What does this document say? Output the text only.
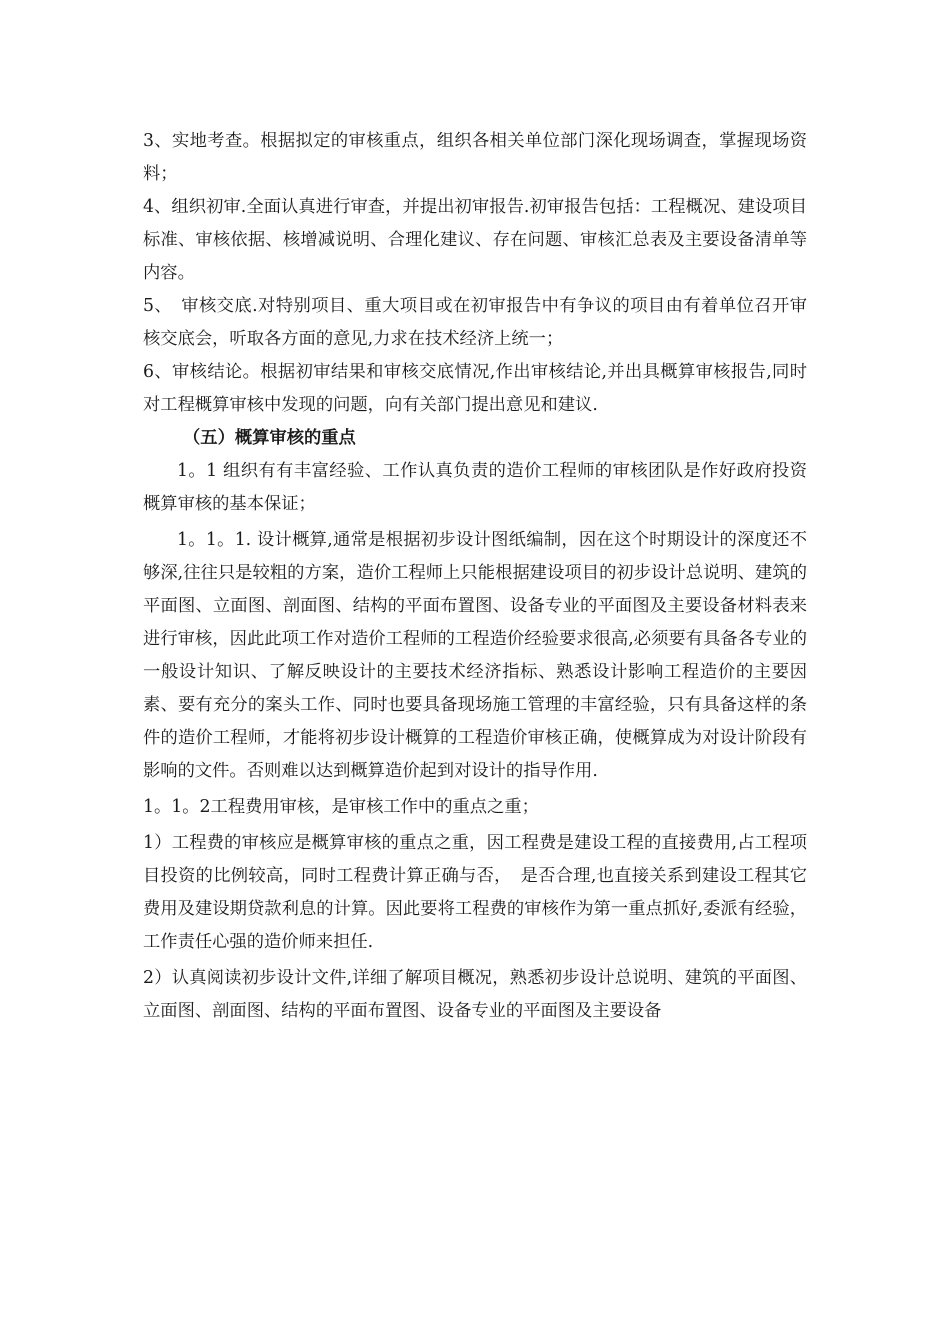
3、实地考查。根据拟定的审核重点，组织各相关单位部门深化现场调查，掌握现场资料；

4、组织初审.全面认真进行审查，并提出初审报告.初审报告包括：工程概况、建设项目标准、审核依据、核增减说明、合理化建议、存在问题、审核汇总表及主要设备清单等内容。

5、　审核交底.对特别项目、重大项目或在初审报告中有争议的项目由有着单位召开审核交底会，听取各方面的意见,力求在技术经济上统一；

6、审核结论。根据初审结果和审核交底情况,作出审核结论,并出具概算审核报告,同时对工程概算审核中发现的问题，向有关部门提出意见和建议.

（五）概算审核的重点

1。1 组织有有丰富经验、工作认真负责的造价工程师的审核团队是作好政府投资概算审核的基本保证；

1。1。1. 设计概算,通常是根据初步设计图纸编制，因在这个时期设计的深度还不够深,往往只是较粗的方案，造价工程师上只能根据建设项目的初步设计总说明、建筑的平面图、立面图、剖面图、结构的平面布置图、设备专业的平面图及主要设备材料表来进行审核，因此此项工作对造价工程师的工程造价经验要求很高,必须要有具备各专业的一般设计知识、了解反映设计的主要技术经济指标、熟悉设计影响工程造价的主要因素、要有充分的案头工作、同时也要具备现场施工管理的丰富经验，只有具备这样的条件的造价工程师，才能将初步设计概算的工程造价审核正确，使概算成为对设计阶段有影响的文件。否则难以达到概算造价起到对设计的指导作用.

1。1。2工程费用审核，是审核工作中的重点之重；

1）工程费的审核应是概算审核的重点之重，因工程费是建设工程的直接费用,占工程项目投资的比例较高，同时工程费计算正确与否，　是否合理,也直接关系到建设工程其它费用及建设期贷款利息的计算。因此要将工程费的审核作为第一重点抓好,委派有经验，工作责任心强的造价师来担任.

2）认真阅读初步设计文件,详细了解项目概况，熟悉初步设计总说明、建筑的平面图、立面图、剖面图、结构的平面布置图、设备专业的平面图及主要设备
